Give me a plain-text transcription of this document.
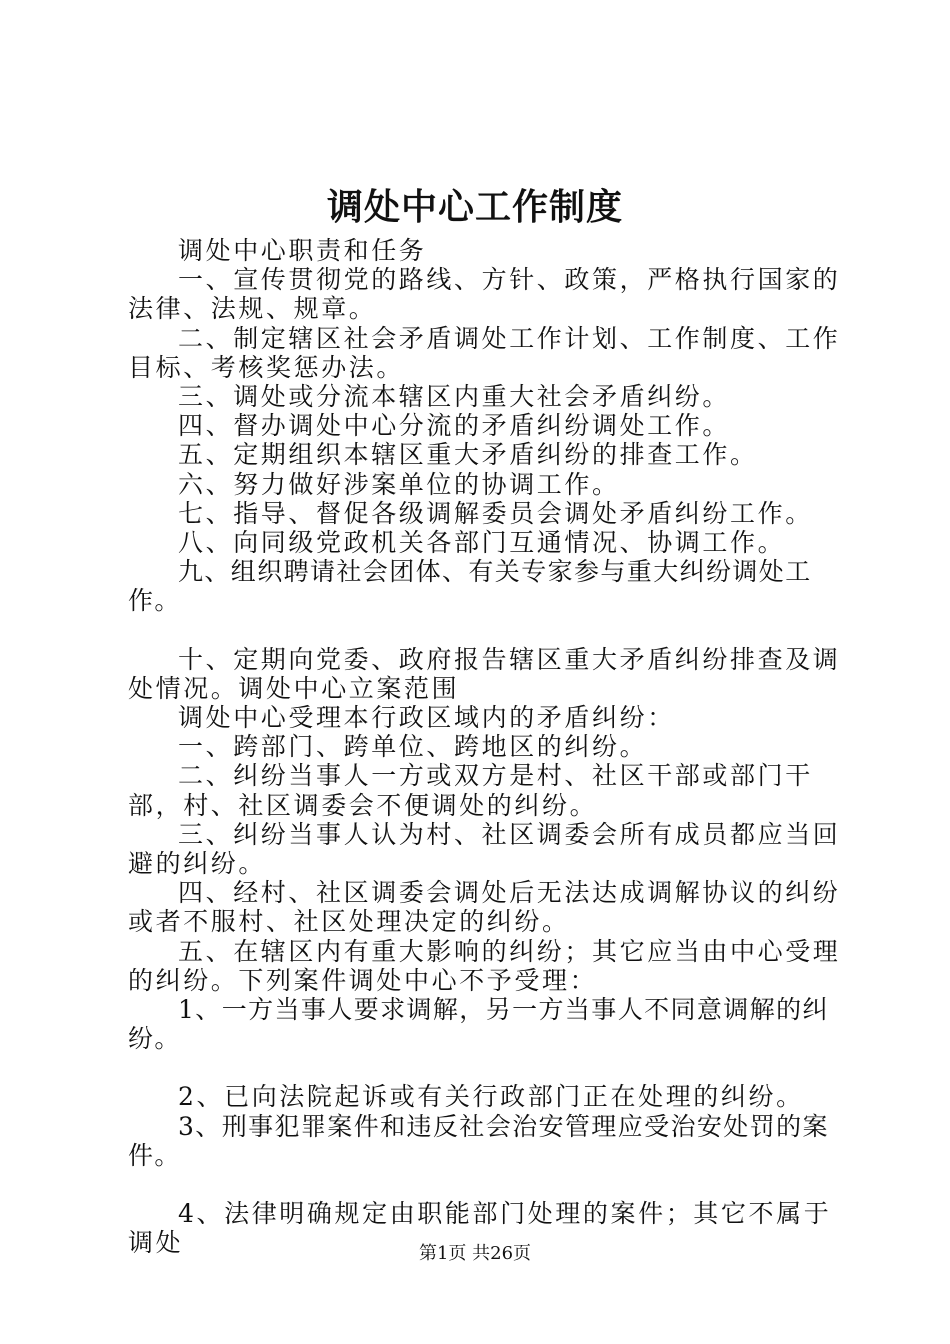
调处中心工作制度

调处中心职责和任务

一、宣传贯彻党的路线、方针、政策，严格执行国家的法律、法规、规章。

二、制定辖区社会矛盾调处工作计划、工作制度、工作目标、考核奖惩办法。

三、调处或分流本辖区内重大社会矛盾纠纷。

四、督办调处中心分流的矛盾纠纷调处工作。

五、定期组织本辖区重大矛盾纠纷的排查工作。

六、努力做好涉案单位的协调工作。

七、指导、督促各级调解委员会调处矛盾纠纷工作。

八、向同级党政机关各部门互通情况、协调工作。

九、组织聘请社会团体、有关专家参与重大纠纷调处工作。

十、定期向党委、政府报告辖区重大矛盾纠纷排查及调处情况。调处中心立案范围

调处中心受理本行政区域内的矛盾纠纷：

一、跨部门、跨单位、跨地区的纠纷。

二、纠纷当事人一方或双方是村、社区干部或部门干部，村、社区调委会不便调处的纠纷。

三、纠纷当事人认为村、社区调委会所有成员都应当回避的纠纷。

四、经村、社区调委会调处后无法达成调解协议的纠纷或者不服村、社区处理决定的纠纷。

五、在辖区内有重大影响的纠纷；其它应当由中心受理的纠纷。下列案件调处中心不予受理：

1、一方当事人要求调解，另一方当事人不同意调解的纠纷。

2、已向法院起诉或有关行政部门正在处理的纠纷。

3、刑事犯罪案件和违反社会治安管理应受治安处罚的案件。

4、法律明确规定由职能部门处理的案件；其它不属于调处	第1页 共26页
